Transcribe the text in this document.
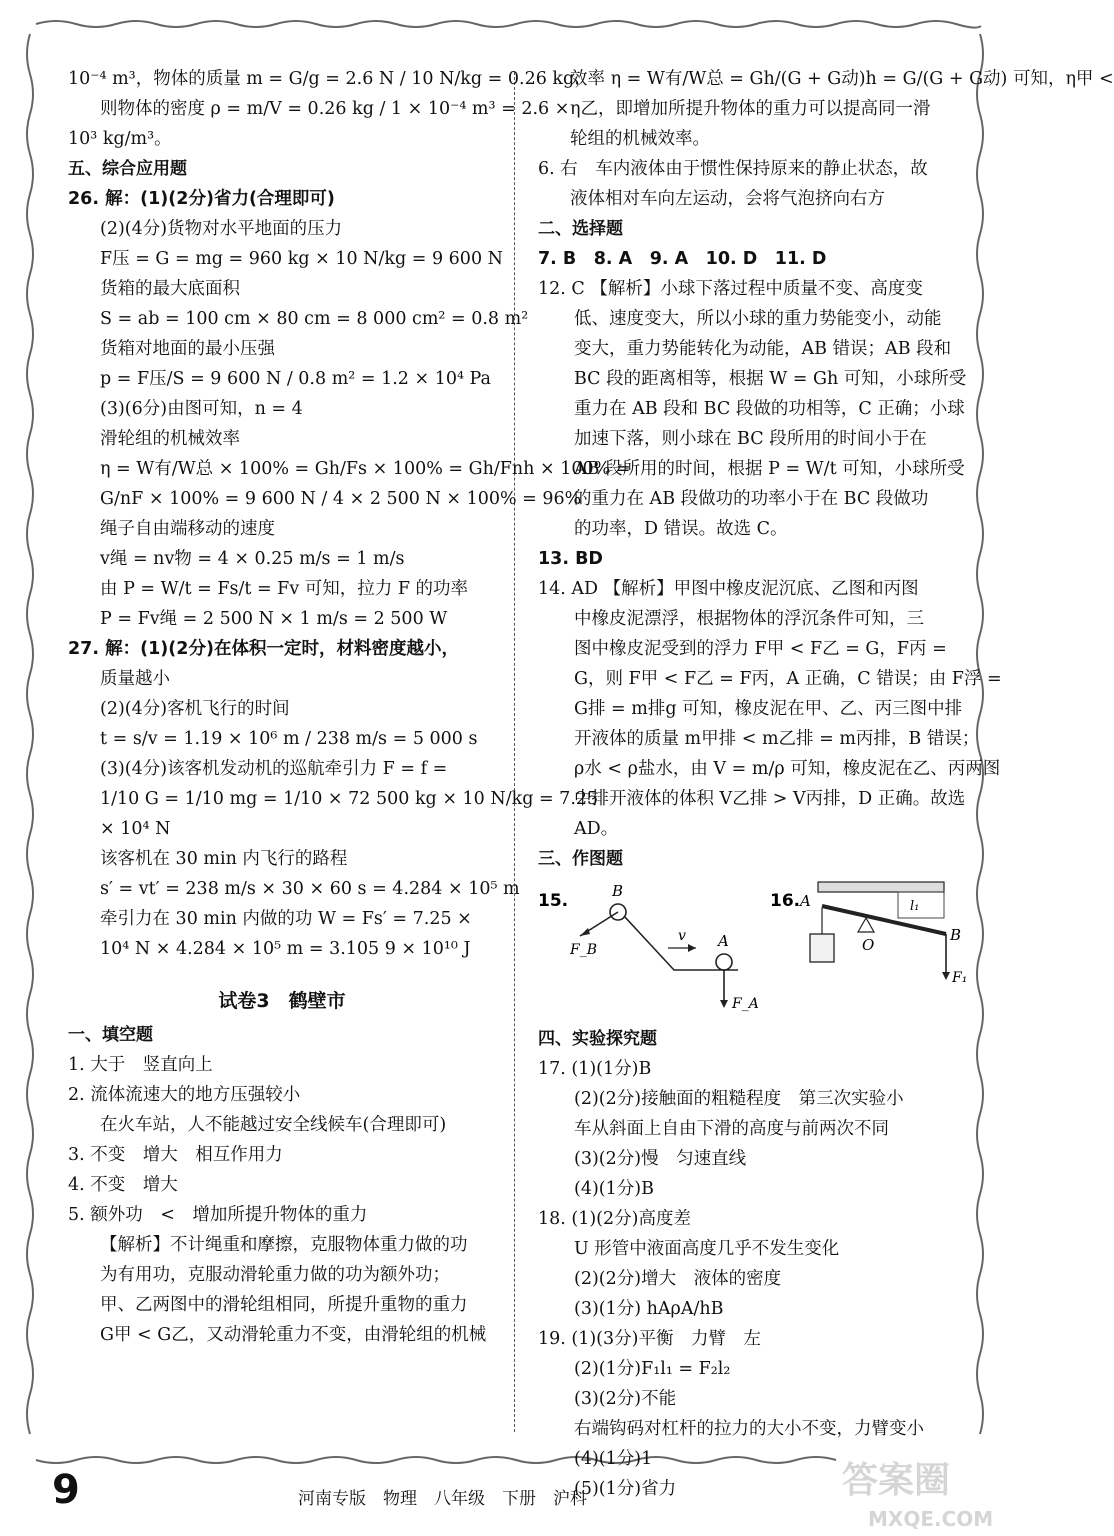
10⁻⁴ m³，物体的质量 m = G/g = 2.6 N / 10 N/kg = 0.26 kg，
则物体的密度 ρ = m/V = 0.26 kg / 1 × 10⁻⁴ m³ = 2.6 ×
10³ kg/m³。
五、综合应用题
26. 解：(1)(2分)省力(合理即可)
(2)(4分)货物对水平地面的压力
F压 = G = mg = 960 kg × 10 N/kg = 9 600 N
货箱的最大底面积
S = ab = 100 cm × 80 cm = 8 000 cm² = 0.8 m²
货箱对地面的最小压强
p = F压/S = 9 600 N / 0.8 m² = 1.2 × 10⁴ Pa
(3)(6分)由图可知，n = 4
滑轮组的机械效率
η = W有/W总 × 100% = Gh/Fs × 100% = Gh/Fnh × 100% =
G/nF × 100% = 9 600 N / 4 × 2 500 N × 100% = 96%
绳子自由端移动的速度
v绳 = nv物 = 4 × 0.25 m/s = 1 m/s
由 P = W/t = Fs/t = Fv 可知，拉力 F 的功率
P = Fv绳 = 2 500 N × 1 m/s = 2 500 W
27. 解：(1)(2分)在体积一定时，材料密度越小，
质量越小
(2)(4分)客机飞行的时间
t = s/v = 1.19 × 10⁶ m / 238 m/s = 5 000 s
(3)(4分)该客机发动机的巡航牵引力 F = f =
1/10 G = 1/10 mg = 1/10 × 72 500 kg × 10 N/kg = 7.25
× 10⁴ N
该客机在 30 min 内飞行的路程
s′ = vt′ = 238 m/s × 30 × 60 s = 4.284 × 10⁵ m
牵引力在 30 min 内做的功 W = Fs′ = 7.25 ×
10⁴ N × 4.284 × 10⁵ m = 3.105 9 × 10¹⁰ J
试卷3　鹤壁市
一、填空题
1. 大于　竖直向上
2. 流体流速大的地方压强较小
在火车站，人不能越过安全线候车(合理即可)
3. 不变　增大　相互作用力
4. 不变　增大
5. 额外功　<　增加所提升物体的重力
【解析】不计绳重和摩擦，克服物体重力做的功
为有用功，克服动滑轮重力做的功为额外功；
甲、乙两图中的滑轮组相同，所提升重物的重力
G甲 < G乙，又动滑轮重力不变，由滑轮组的机械
效率 η = W有/W总 = Gh/(G + G动)h = G/(G + G动) 可知，η甲 <
η乙，即增加所提升物体的重力可以提高同一滑
轮组的机械效率。
6. 右　车内液体由于惯性保持原来的静止状态，故
液体相对车向左运动，会将气泡挤向右方
二、选择题
7. B　8. A　9. A　10. D　11. D
12. C 【解析】小球下落过程中质量不变、高度变
低、速度变大，所以小球的重力势能变小，动能
变大，重力势能转化为动能，AB 错误；AB 段和
BC 段的距离相等，根据 W = Gh 可知，小球所受
重力在 AB 段和 BC 段做的功相等，C 正确；小球
加速下落，则小球在 BC 段所用的时间小于在
AB 段所用的时间，根据 P = W/t 可知，小球所受
的重力在 AB 段做功的功率小于在 BC 段做功
的功率，D 错误。故选 C。
13. BD
14. AD 【解析】甲图中橡皮泥沉底、乙图和丙图
中橡皮泥漂浮，根据物体的浮沉条件可知，三
图中橡皮泥受到的浮力 F甲 < F乙 = G，F丙 =
G，则 F甲 < F乙 = F丙，A 正确，C 错误；由 F浮 =
G排 = m排g 可知，橡皮泥在甲、乙、丙三图中排
开液体的质量 m甲排 < m乙排 = m丙排，B 错误；
ρ水 < ρ盐水，由 V = m/ρ 可知，橡皮泥在乙、丙两图
中排开液体的体积 V乙排 > V丙排，D 正确。故选
AD。
三、作图题
15.	B
F_B
v A
F_A
16. A
O
l₁
B
F₁
四、实验探究题
17. (1)(1分)B
(2)(2分)接触面的粗糙程度　第三次实验小
车从斜面上自由下滑的高度与前两次不同
(3)(2分)慢　匀速直线
(4)(1分)B
18. (1)(2分)高度差
U 形管中液面高度几乎不发生变化
(2)(2分)增大　液体的密度
(3)(1分) hAρA/hB
19. (1)(3分)平衡　力臂　左
(2)(1分)F₁l₁ = F₂l₂
(3)(2分)不能
右端钩码对杠杆的拉力的大小不变，力臂变小
(4)(1分)1
(5)(1分)省力
9	河南专版　物理　八年级　下册　沪科	答案圈
MXQE.COM
